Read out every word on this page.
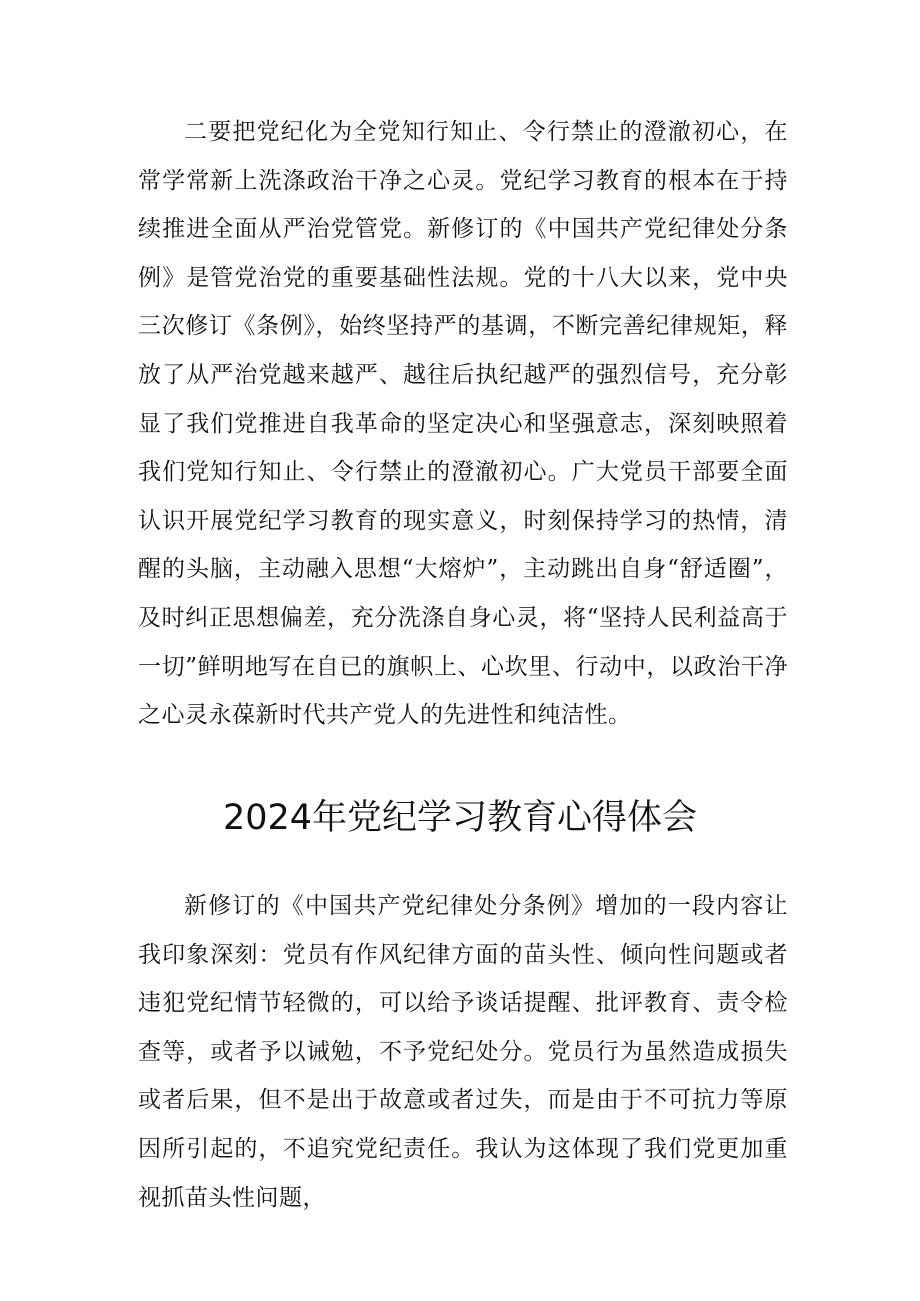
二要把党纪化为全党知行知止、令行禁止的澄澈初心，在常学常新上洗涤政治干净之心灵。党纪学习教育的根本在于持续推进全面从严治党管党。新修订的《中国共产党纪律处分条例》是管党治党的重要基础性法规。党的十八大以来，党中央三次修订《条例》，始终坚持严的基调，不断完善纪律规矩，释放了从严治党越来越严、越往后执纪越严的强烈信号，充分彰显了我们党推进自我革命的坚定决心和坚强意志，深刻映照着我们党知行知止、令行禁止的澄澈初心。广大党员干部要全面认识开展党纪学习教育的现实意义，时刻保持学习的热情，清醒的头脑，主动融入思想“大熔炉”，主动跳出自身“舒适圈”，及时纠正思想偏差，充分洗涤自身心灵，将“坚持人民利益高于一切”鲜明地写在自已的旗帜上、心坎里、行动中，以政治干净之心灵永葆新时代共产党人的先进性和纯洁性。

2024年党纪学习教育心得体会

新修订的《中国共产党纪律处分条例》增加的一段内容让我印象深刻：党员有作风纪律方面的苗头性、倾向性问题或者违犯党纪情节轻微的，可以给予谈话提醒、批评教育、责令检查等，或者予以诫勉，不予党纪处分。党员行为虽然造成损失或者后果，但不是出于故意或者过失，而是由于不可抗力等原因所引起的，不追究党纪责任。我认为这体现了我们党更加重视抓苗头性问题，
